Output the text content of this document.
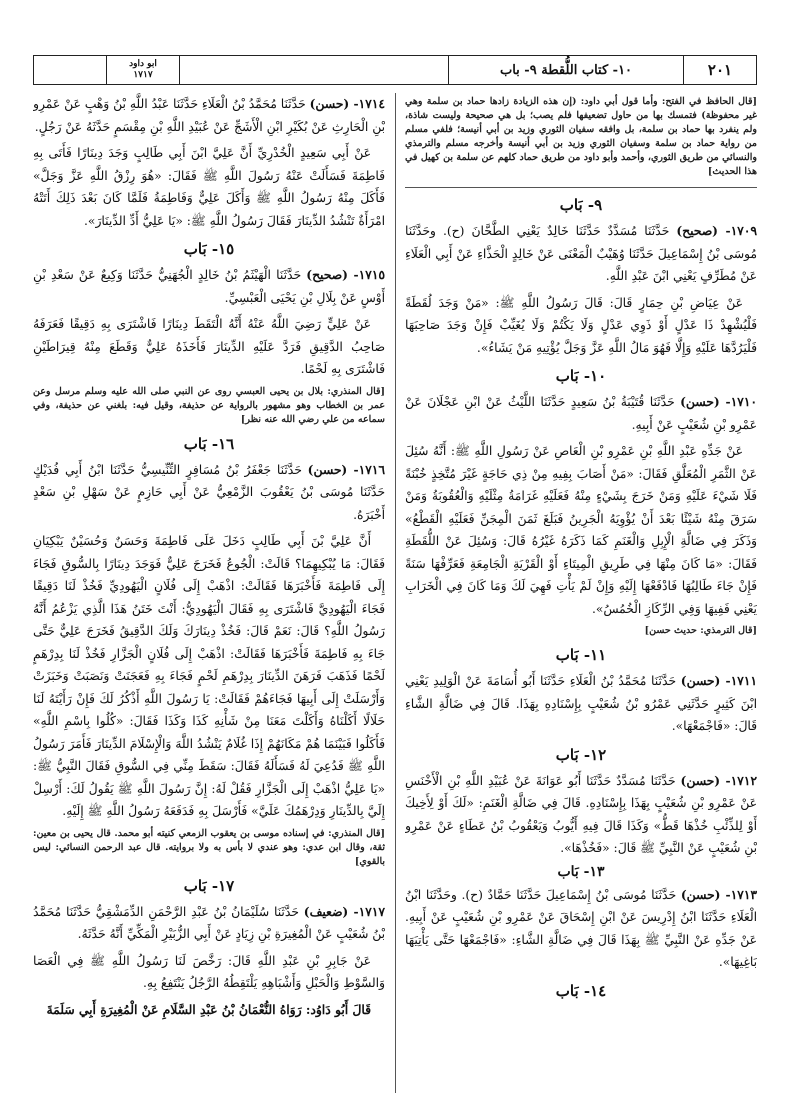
٢٠١
١٠- كتاب اللُّقطة ٩- باب
ابو داود
١٧١٧
[قال الحافظ في الفتح: وأما قول أبي داود: (إن هذه الزيادة زادها حماد بن سلمة وهي غير محفوظة) فتمسك بها من حاول تضعيفها فلم يصب؛ بل هي صحيحة وليست شاذة، ولم ينفرد بها حماد بن سلمة، بل وافقه سفيان الثوري وزيد بن أبي أنيسة؛ فلفي مسلم من رواية حماد بن سلمة وسفيان الثوري وزيد بن أبي أنيسة وأخرجه مسلم والترمذي والنسائي من طريق الثوري، وأحمد وأبو داود من طريق حماد كلهم عن سلمة بن كهيل في هذا الحديث]
٩- بَاب

١٧٠٩- (صحيح) حَدَّثَنَا مُسَدَّدٌ حَدَّثَنَا خَالِدٌ يَعْنِي الطَّحَّانَ (ح). وحَدَّثَنَا مُوسَى بْنُ إِسْمَاعِيلَ حَدَّثَنَا وُهَيْبٌ الْمَعْنَى عَنْ خَالِدٍ الْحَذَّاءِ عَنْ أَبِي الْعَلَاءِ عَنْ مُطَرِّفٍ يَعْنِي ابْنَ عَبْدِ اللَّهِ.

عَنْ عِيَاضِ بْنِ حِمَارٍ قَالَ: قَالَ رَسُولُ اللَّهِ ﷺ: «مَنْ وَجَدَ لُقَطَةً فَلْيُشْهِدْ ذَا عَدْلٍ أَوْ ذَوِي عَدْلٍ وَلَا يَكْتُمْ وَلَا يُغَيِّبْ فَإِنْ وَجَدَ صَاحِبَهَا فَلْيَرُدَّهَا عَلَيْهِ وَإِلَّا فَهُوَ مَالُ اللَّهِ عَزَّ وَجَلَّ يُؤْتِيهِ مَنْ يَشَاءُ».

١٠- بَاب

١٧١٠- (حسن) حَدَّثَنَا قُتَيْبَةُ بْنُ سَعِيدٍ حَدَّثَنَا اللَّيْثُ عَنْ ابْنِ عَجْلَانَ عَنْ عَمْرِو بْنِ شُعَيْبٍ عَنْ أَبِيهِ.

عَنْ جَدِّهِ عَبْدِ اللَّهِ بْنِ عَمْرِو بْنِ الْعَاصِ عَنْ رَسُولِ اللَّهِ ﷺ: أَنَّهُ سُئِلَ عَنْ الثَّمَرِ الْمُعَلَّقِ فَقَالَ: «مَنْ أَصَابَ بِفِيهِ مِنْ ذِي حَاجَةٍ غَيْرَ مُتَّخِذٍ خُبْنَةً فَلَا شَيْءَ عَلَيْهِ وَمَنْ خَرَجَ بِشَيْءٍ مِنْهُ فَعَلَيْهِ غَرَامَةُ مِثْلَيْهِ وَالْعُقُوبَةُ وَمَنْ سَرَقَ مِنْهُ شَيْئًا بَعْدَ أَنْ يُؤْوِيَهُ الْجَرِينُ فَبَلَغَ ثَمَنَ الْمِجَنِّ فَعَلَيْهِ الْقَطْعُ» وَذَكَرَ فِي ضَالَّةِ الْإِبِلِ وَالْغَنَمِ كَمَا ذَكَرَهُ غَيْرُهُ قَالَ: وَسُئِلَ عَنْ اللُّقَطَةِ فَقَالَ: «مَا كَانَ مِنْهَا فِي طَرِيقِ الْمِيتَاءِ أَوْ الْقَرْيَةِ الْجَامِعَةِ فَعَرِّفْهَا سَنَةً فَإِنْ جَاءَ طَالِبُهَا فَادْفَعْهَا إِلَيْهِ وَإِنْ لَمْ يَأْتِ فَهِيَ لَكَ وَمَا كَانَ فِي الْخَرَابِ يَعْنِي فَفِيهَا وَفِي الرِّكَازِ الْخُمُسُ».

[قال الترمذي: حديث حسن]
١١- بَاب

١٧١١- (حسن) حَدَّثَنَا مُحَمَّدُ بْنُ الْعَلَاءِ حَدَّثَنَا أَبُو أُسَامَةَ عَنْ الْوَلِيدِ يَعْنِي ابْنَ كَثِيرٍ حَدَّثَنِي عَمْرُو بْنُ شُعَيْبٍ بِإِسْنَادِهِ بِهَذَا. قَالَ فِي ضَالَّةِ الشَّاءِ قَالَ: «فَاجْمَعْهَا».

١٢- بَاب

١٧١٢- (حسن) حَدَّثَنَا مُسَدَّدٌ حَدَّثَنَا أَبُو عَوَانَةَ عَنْ عُبَيْدِ اللَّهِ بْنِ الْأَخْنَسِ عَنْ عَمْرِو بْنِ شُعَيْبٍ بِهَذَا بِإِسْنَادِهِ. قَالَ فِي ضَالَّةِ الْغَنَمِ: «لَكَ أَوْ لِأَخِيكَ أَوْ لِلذِّئْبِ خُذْهَا قَطُّ» وَكَذَا قَالَ فِيهِ أَيُّوبُ وَيَعْقُوبُ بْنُ عَطَاءٍ عَنْ عَمْرِو بْنِ شُعَيْبٍ عَنْ النَّبِيِّ ﷺ قَالَ: «فَخُذْهَا».

١٣- بَاب

١٧١٣- (حسن) حَدَّثَنَا مُوسَى بْنُ إِسْمَاعِيلَ حَدَّثَنَا حَمَّادٌ (ح). وحَدَّثَنَا ابْنُ الْعَلَاءِ حَدَّثَنَا ابْنُ إِدْرِيسَ عَنْ ابْنِ إِسْحَاقَ عَنْ عَمْرِو بْنِ شُعَيْبٍ عَنْ أَبِيهِ. عَنْ جَدِّهِ عَنْ النَّبِيِّ ﷺ بِهَذَا قَالَ فِي ضَالَّةِ الشَّاءِ: «فَاجْمَعْهَا حَتَّى يَأْتِيَهَا بَاغِيهَا».

١٤- بَاب

١٧١٤- (حسن) حَدَّثَنَا مُحَمَّدُ بْنُ الْعَلَاءِ حَدَّثَنَا عَبْدُ اللَّهِ بْنُ وَهْبٍ عَنْ عَمْرِو بْنِ الْحَارِثِ عَنْ بُكَيْرِ ابْنِ الْأَشَجِّ عَنْ عُبَيْدِ اللَّهِ بْنِ مِقْسَمٍ حَدَّثَهُ عَنْ رَجُلٍ.

عَنْ أَبِي سَعِيدٍ الْخُدْرِيِّ أَنَّ عَلِيَّ ابْنَ أَبِي طَالِبٍ وَجَدَ دِينَارًا فَأَتَى بِهِ فَاطِمَةَ فَسَأَلَتْ عَنْهُ رَسُولَ اللَّهِ ﷺ فَقَالَ: «هُوَ رِزْقُ اللَّهِ عَزَّ وَجَلَّ» فَأَكَلَ مِنْهُ رَسُولُ اللَّهِ ﷺ وَأَكَلَ عَلِيٌّ وَفَاطِمَةُ فَلَمَّا كَانَ بَعْدَ ذَلِكَ أَتَتْهُ امْرَأَةٌ تَنْشُدُ الدِّينَارَ فَقَالَ رَسُولُ اللَّهِ ﷺ: «يَا عَلِيُّ أَدِّ الدِّينَارَ».

١٥- بَاب

١٧١٥- (صحيح) حَدَّثَنَا الْهَيْثَمُ بْنُ خَالِدٍ الْجُهَنِيُّ حَدَّثَنَا وَكِيعٌ عَنْ سَعْدِ بْنِ أَوْسٍ عَنْ بِلَالِ بْنِ يَحْيَى الْعَبْسِيِّ.

عَنْ عَلِيٍّ رَضِيَ اللَّهُ عَنْهُ أَنَّهُ الْتَقَطَ دِينَارًا فَاشْتَرَى بِهِ دَقِيقًا فَعَرَفَهُ صَاحِبُ الدَّقِيقِ فَرَدَّ عَلَيْهِ الدِّينَارَ فَأَخَذَهُ عَلِيٌّ وَقَطَعَ مِنْهُ قِيرَاطَيْنِ فَاشْتَرَى بِهِ لَحْمًا.

[قال المنذري: بلال بن يحيى العبسي روى عن النبي صلى الله عليه وسلم مرسل وعن عمر بن الخطاب وهو مشهور بالرواية عن حذيفة، وقيل فيه: بلغني عن حذيفة، وفي سماعه من علي رضي الله عنه نظر]
١٦- بَاب

١٧١٦- (حسن) حَدَّثَنَا جَعْفَرُ بْنُ مُسَافِرٍ التِّنِّيسِيُّ حَدَّثَنَا ابْنُ أَبِي فُدَيْكٍ حَدَّثَنَا مُوسَى بْنُ يَعْقُوبَ الزَّمْعِيُّ عَنْ أَبِي حَازِمٍ عَنْ سَهْلِ بْنِ سَعْدٍ أَخْبَرَهُ.

أَنَّ عَلِيَّ بْنَ أَبِي طَالِبٍ دَخَلَ عَلَى فَاطِمَةَ وَحَسَنٌ وَحُسَيْنٌ يَبْكِيَانِ فَقَالَ: مَا يُبْكِيهِمَا؟ قَالَتْ: الْجُوعُ فَخَرَجَ عَلِيٌّ فَوَجَدَ دِينَارًا بِالسُّوقِ فَجَاءَ إِلَى فَاطِمَةَ فَأَخْبَرَهَا فَقَالَتْ: اذْهَبْ إِلَى فُلَانٍ الْيَهُودِيِّ فَخُذْ لَنَا دَقِيقًا فَجَاءَ الْيَهُودِيَّ فَاشْتَرَى بِهِ فَقَالَ الْيَهُودِيُّ: أَنْتَ خَتَنُ هَذَا الَّذِي يَزْعُمُ أَنَّهُ رَسُولُ اللَّهِ؟ قَالَ: نَعَمْ قَالَ: فَخُذْ دِينَارَكَ وَلَكَ الدَّقِيقُ فَخَرَجَ عَلِيٌّ حَتَّى جَاءَ بِهِ فَاطِمَةَ فَأَخْبَرَهَا فَقَالَتْ: اذْهَبْ إِلَى فُلَانٍ الْجَزَّارِ فَخُذْ لَنَا بِدِرْهَمٍ لَحْمًا فَذَهَبَ فَرَهَنَ الدِّينَارَ بِدِرْهَمِ لَحْمٍ فَجَاءَ بِهِ فَعَجَنَتْ وَنَصَبَتْ وَخَبَزَتْ وَأَرْسَلَتْ إِلَى أَبِيهَا فَجَاءَهُمْ فَقَالَتْ: يَا رَسُولَ اللَّهِ أَذْكُرُ لَكَ فَإِنْ رَأَيْتَهُ لَنَا حَلَالًا أَكَلْنَاهُ وَأَكَلْتَ مَعَنَا مِنْ شَأْنِهِ كَذَا وَكَذَا فَقَالَ: «كُلُوا بِاسْمِ اللَّهِ» فَأَكَلُوا فَبَيْنَمَا هُمْ مَكَانَهُمْ إِذَا غُلَامٌ يَنْشُدُ اللَّهَ وَالْإِسْلَامَ الدِّينَارَ فَأَمَرَ رَسُولُ اللَّهِ ﷺ فَدُعِيَ لَهُ فَسَأَلَهُ فَقَالَ: سَقَطَ مِنِّي فِي السُّوقِ فَقَالَ النَّبِيُّ ﷺ: «يَا عَلِيُّ اذْهَبْ إِلَى الْجَزَّارِ فَقُلْ لَهُ: إِنَّ رَسُولَ اللَّهِ ﷺ يَقُولُ لَكَ: أَرْسِلْ إِلَيَّ بِالدِّينَارِ وَدِرْهَمُكَ عَلَيَّ» فَأَرْسَلَ بِهِ فَدَفَعَهُ رَسُولُ اللَّهِ ﷺ إِلَيْهِ.

[قال المنذري: في إسناده موسى بن يعقوب الزمعي كنيته أبو محمد. قال يحيى بن معين: ثقة، وقال ابن عدي: وهو عندي لا بأس به ولا بروايته. قال عبد الرحمن النسائي: ليس بالقوي]
١٧- بَاب

١٧١٧- (ضعيف) حَدَّثَنَا سُلَيْمَانُ بْنُ عَبْدِ الرَّحْمَنِ الدِّمَشْقِيُّ حَدَّثَنَا مُحَمَّدُ بْنُ شُعَيْبٍ عَنْ الْمُغِيرَةِ بْنِ زِيَادٍ عَنْ أَبِي الزُّبَيْرِ الْمَكِّيِّ أَنَّهُ حَدَّثَهُ.

عَنْ جَابِرِ بْنِ عَبْدِ اللَّهِ قَالَ: رَخَّصَ لَنَا رَسُولُ اللَّهِ ﷺ فِي الْعَصَا وَالسَّوْطِ وَالْحَبْلِ وَأَشْبَاهِهِ يَلْتَقِطُهُ الرَّجُلُ يَنْتَفِعُ بِهِ.

قَالَ أَبُو دَاوُد: رَوَاهُ النُّعْمَانُ بْنُ عَبْدِ السَّلَامِ عَنْ الْمُغِيرَةِ أَبِي سَلَمَةَ
